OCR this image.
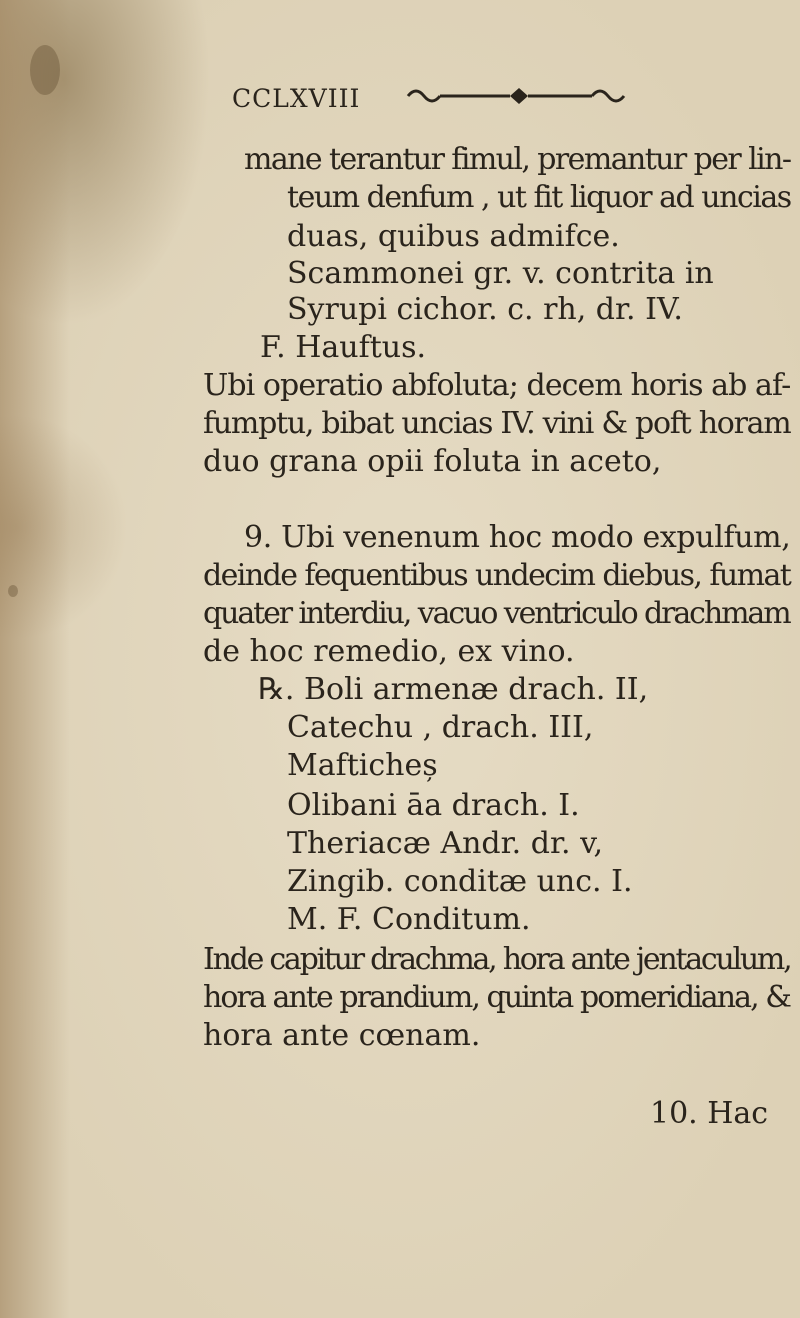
CCLXVIII
mane terantur fimul, premantur per lin-
teum denfum , ut fit liquor ad uncias
duas, quibus admifce.
Scammonei gr. v. contrita in
Syrupi cichor. c. rh, dr. IV.
F. Hauftus.
Ubi operatio abfoluta; decem horis ab af-
fumptu, bibat uncias IV. vini & poft horam
duo grana opii foluta in aceto,
9. Ubi venenum hoc modo expulfum,
deinde fequentibus undecim diebus, fumat
quater interdiu, vacuo ventriculo drachmam
de hoc remedio, ex vino.
℞. Boli armenæ drach. II,
Catechu , drach. III,
Mafticheș
Olibani āa drach. I.
Theriacæ Andr. dr. v,
Zingib. conditæ unc. I.
M. F. Conditum.
Inde capitur drachma, hora ante jentaculum,
hora ante prandium, quinta pomeridiana, &
hora ante cœnam.
10. Hac
